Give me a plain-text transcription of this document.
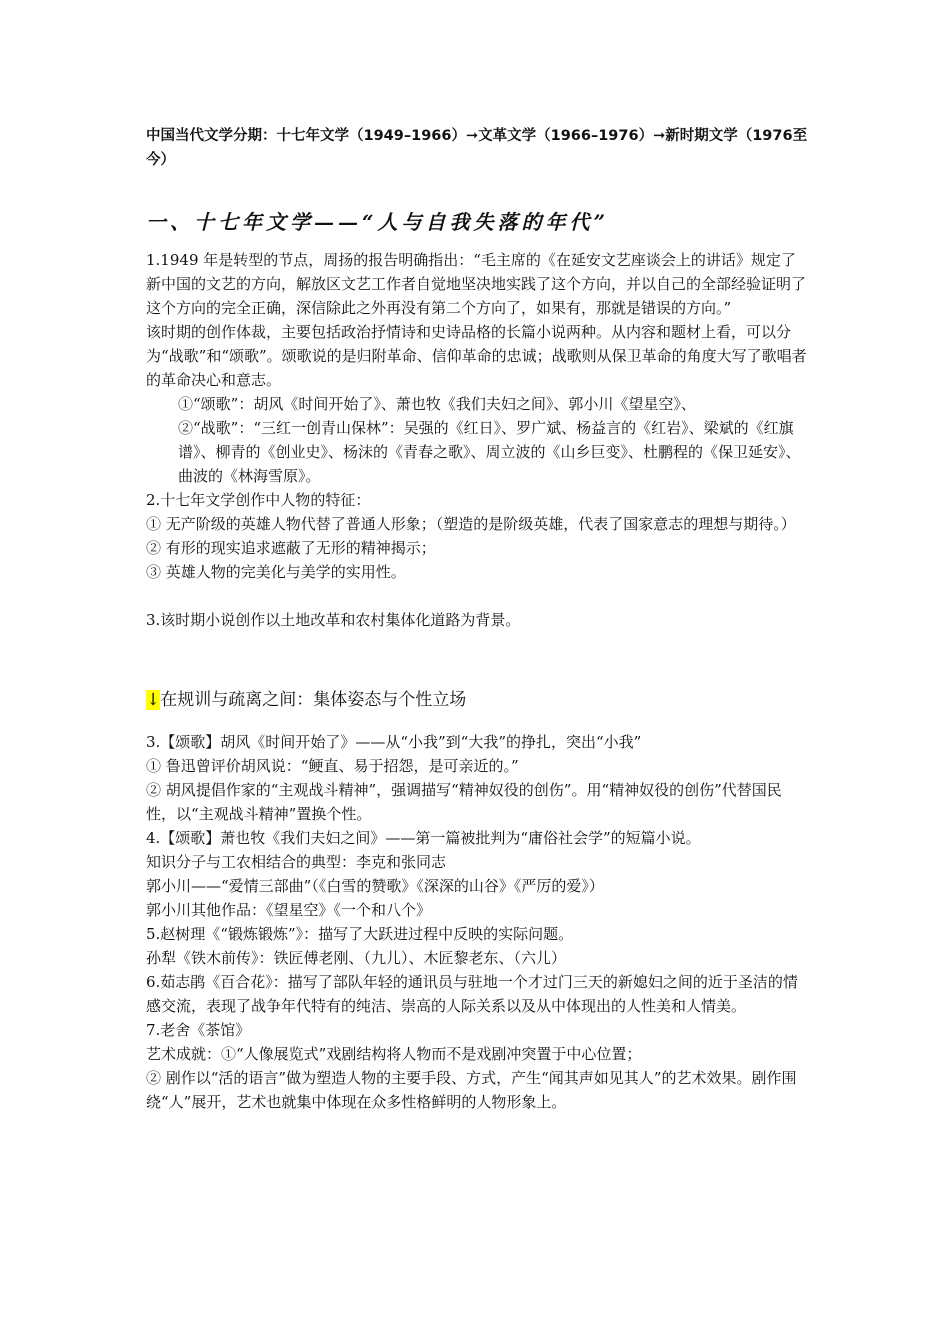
中国当代文学分期：十七年文学（1949–1966）➞文革文学（1966–1976）➞新时期文学（1976至今）

一、十七年文学——“人与自我失落的年代”

1.1949 年是转型的节点，周扬的报告明确指出：“毛主席的《在延安文艺座谈会上的讲话》规定了新中国的文艺的方向，解放区文艺工作者自觉地坚决地实践了这个方向，并以自己的全部经验证明了这个方向的完全正确，深信除此之外再没有第二个方向了，如果有，那就是错误的方向。”

该时期的创作体裁，主要包括政治抒情诗和史诗品格的长篇小说两种。从内容和题材上看，可以分为“战歌”和“颂歌”。颂歌说的是归附革命、信仰革命的忠诚；战歌则从保卫革命的角度大写了歌唱者的革命决心和意志。

①“颂歌”：胡风《时间开始了》、萧也牧《我们夫妇之间》、郭小川《望星空》、

②“战歌”：“三红一创青山保林”：吴强的《红日》、罗广斌、杨益言的《红岩》、梁斌的《红旗谱》、柳青的《创业史》、杨沫的《青春之歌》、周立波的《山乡巨变》、杜鹏程的《保卫延安》、曲波的《林海雪原》。

2.十七年文学创作中人物的特征：

① 无产阶级的英雄人物代替了普通人形象；（塑造的是阶级英雄，代表了国家意志的理想与期待。）

② 有形的现实追求遮蔽了无形的精神揭示；

③ 英雄人物的完美化与美学的实用性。

3.该时期小说创作以土地改革和农村集体化道路为背景。

↓在规训与疏离之间：集体姿态与个性立场

3.【颂歌】胡风《时间开始了》——从“小我”到“大我”的挣扎，突出“小我”

① 鲁迅曾评价胡风说：“鲠直、易于招怨，是可亲近的。”

② 胡风提倡作家的“主观战斗精神”，强调描写“精神奴役的创伤”。用“精神奴役的创伤”代替国民性，以“主观战斗精神”置换个性。

4.【颂歌】萧也牧《我们夫妇之间》——第一篇被批判为“庸俗社会学”的短篇小说。

知识分子与工农相结合的典型：李克和张同志

郭小川——“爱情三部曲”（《白雪的赞歌》《深深的山谷》《严厉的爱》）

郭小川其他作品：《望星空》《一个和八个》

5.赵树理《“锻炼锻炼”》：描写了大跃进过程中反映的实际问题。

孙犁《铁木前传》：铁匠傅老刚、（九儿）、木匠黎老东、（六儿）

6.茹志鹃《百合花》：描写了部队年轻的通讯员与驻地一个才过门三天的新媳妇之间的近于圣洁的情感交流，表现了战争年代特有的纯洁、崇高的人际关系以及从中体现出的人性美和人情美。

7.老舍《茶馆》

艺术成就：①“人像展览式”戏剧结构将人物而不是戏剧冲突置于中心位置；

② 剧作以“活的语言”做为塑造人物的主要手段、方式，产生“闻其声如见其人”的艺术效果。剧作围绕“人”展开，艺术也就集中体现在众多性格鲜明的人物形象上。
